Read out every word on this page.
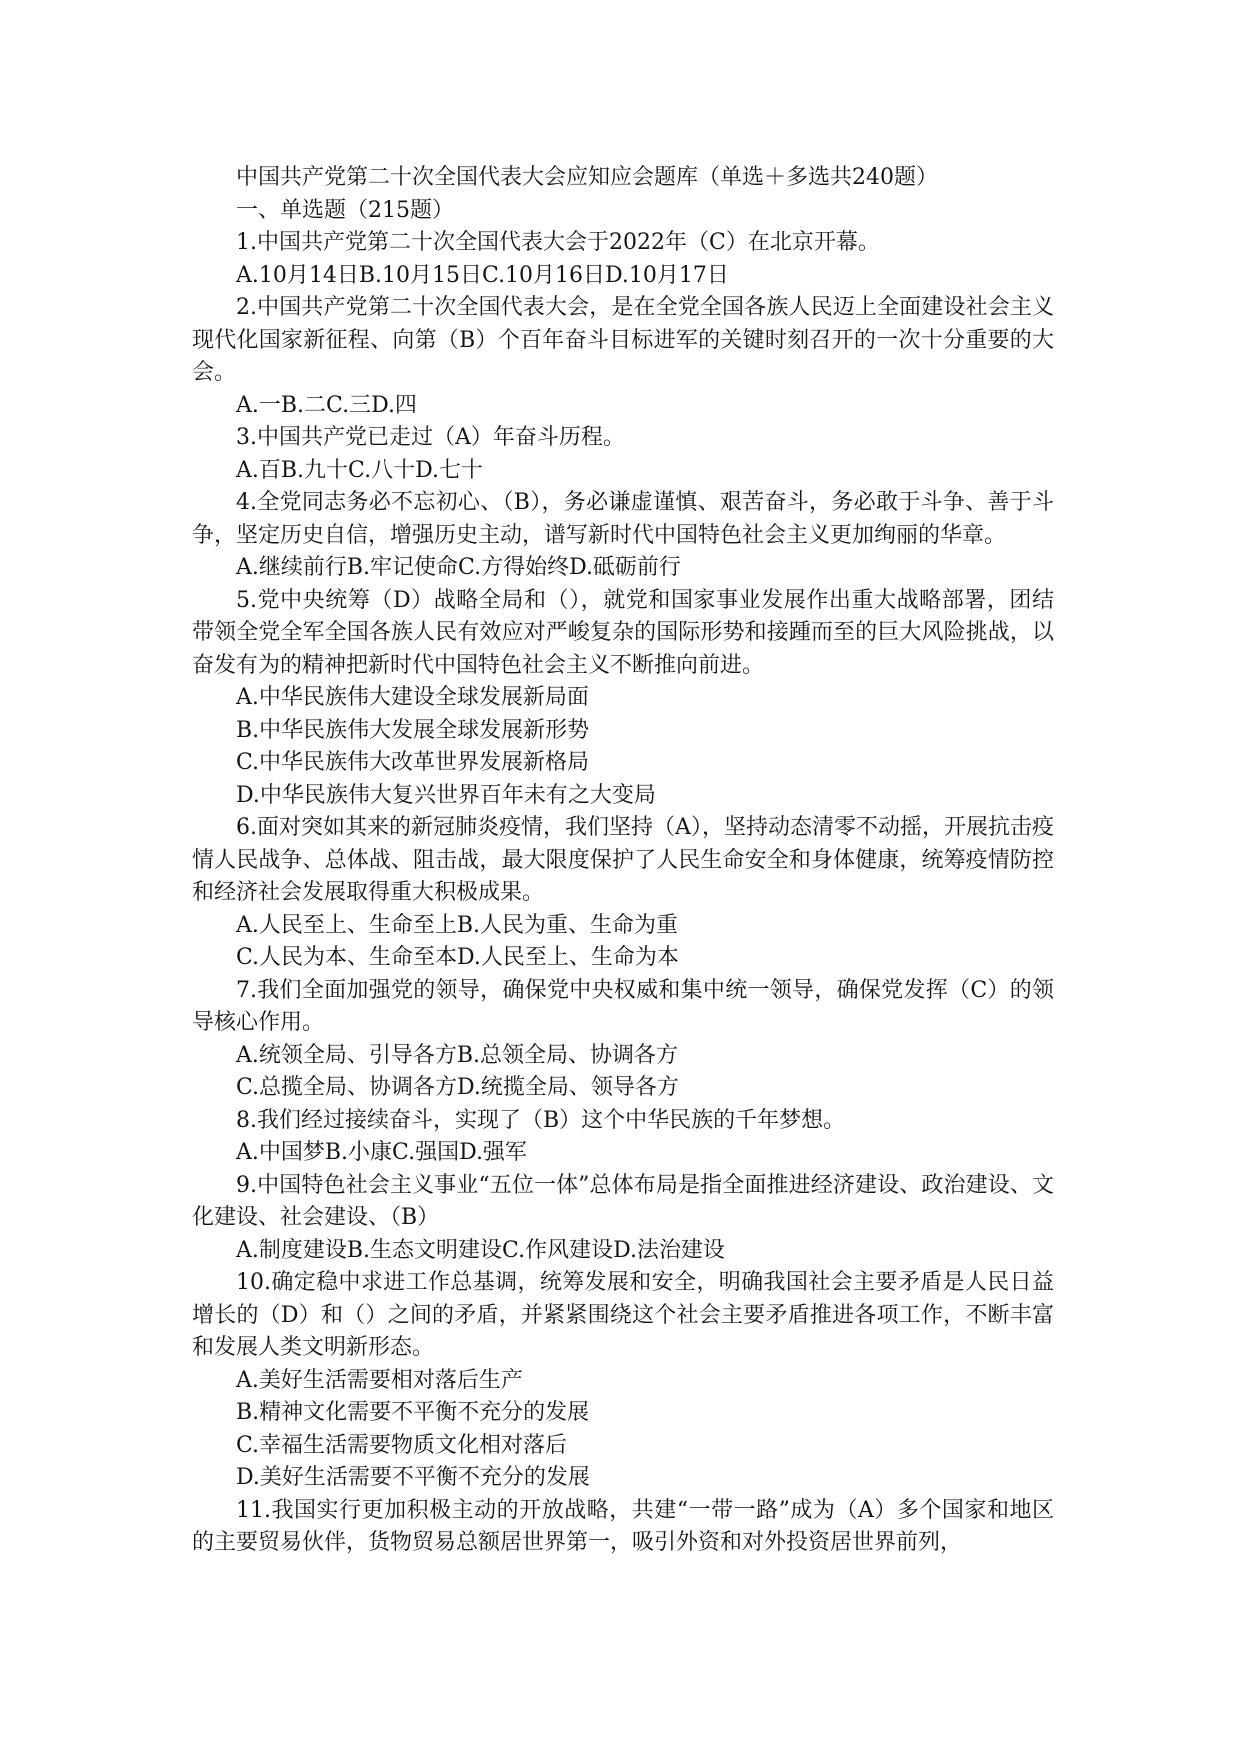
中国共产党第二十次全国代表大会应知应会题库（单选＋多选共240题）

一、单选题（215题）

1.中国共产党第二十次全国代表大会于2022年（C）在北京开幕。

A.10月14日B.10月15日C.10月16日D.10月17日

2.中国共产党第二十次全国代表大会，是在全党全国各族人民迈上全面建设社会主义现代化国家新征程、向第（B）个百年奋斗目标进军的关键时刻召开的一次十分重要的大会。

A.一B.二C.三D.四

3.中国共产党已走过（A）年奋斗历程。

A.百B.九十C.八十D.七十

4.全党同志务必不忘初心、（B），务必谦虚谨慎、艰苦奋斗，务必敢于斗争、善于斗争，坚定历史自信，增强历史主动，谱写新时代中国特色社会主义更加绚丽的华章。

A.继续前行B.牢记使命C.方得始终D.砥砺前行

5.党中央统筹（D）战略全局和（），就党和国家事业发展作出重大战略部署，团结带领全党全军全国各族人民有效应对严峻复杂的国际形势和接踵而至的巨大风险挑战，以奋发有为的精神把新时代中国特色社会主义不断推向前进。

A.中华民族伟大建设全球发展新局面

B.中华民族伟大发展全球发展新形势

C.中华民族伟大改革世界发展新格局

D.中华民族伟大复兴世界百年未有之大变局

6.面对突如其来的新冠肺炎疫情，我们坚持（A），坚持动态清零不动摇，开展抗击疫情人民战争、总体战、阻击战，最大限度保护了人民生命安全和身体健康，统筹疫情防控和经济社会发展取得重大积极成果。

A.人民至上、生命至上B.人民为重、生命为重

C.人民为本、生命至本D.人民至上、生命为本

7.我们全面加强党的领导，确保党中央权威和集中统一领导，确保党发挥（C）的领导核心作用。

A.统领全局、引导各方B.总领全局、协调各方

C.总揽全局、协调各方D.统揽全局、领导各方

8.我们经过接续奋斗，实现了（B）这个中华民族的千年梦想。

A.中国梦B.小康C.强国D.强军

9.中国特色社会主义事业“五位一体”总体布局是指全面推进经济建设、政治建设、文化建设、社会建设、（B）

A.制度建设B.生态文明建设C.作风建设D.法治建设

10.确定稳中求进工作总基调，统筹发展和安全，明确我国社会主要矛盾是人民日益增长的（D）和（）之间的矛盾，并紧紧围绕这个社会主要矛盾推进各项工作，不断丰富和发展人类文明新形态。

A.美好生活需要相对落后生产

B.精神文化需要不平衡不充分的发展

C.幸福生活需要物质文化相对落后

D.美好生活需要不平衡不充分的发展

11.我国实行更加积极主动的开放战略，共建“一带一路”成为（A）多个国家和地区的主要贸易伙伴，货物贸易总额居世界第一，吸引外资和对外投资居世界前列，
